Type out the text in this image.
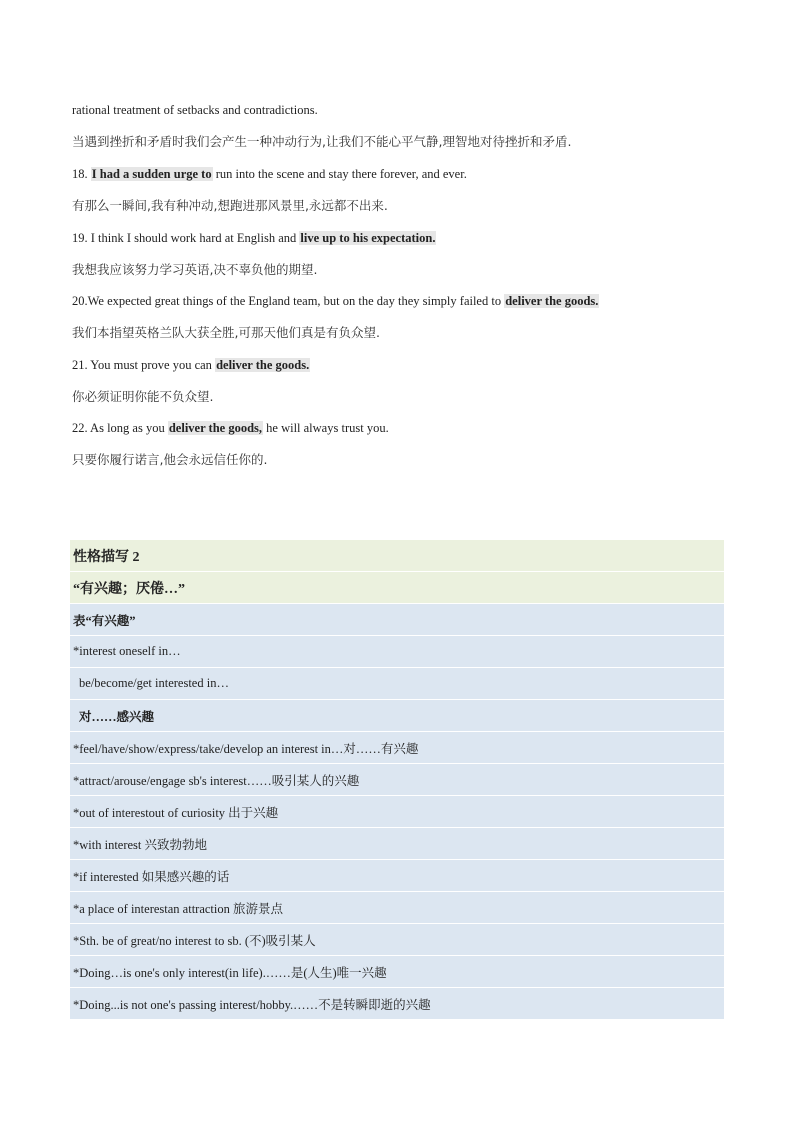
rational treatment of setbacks and contradictions.
当遇到挫折和矛盾时我们会产生一种冲动行为,让我们不能心平气静,理智地对待挫折和矛盾.
18. I had a sudden urge to run into the scene and stay there forever, and ever.
有那么一瞬间,我有种冲动,想跑进那风景里,永远都不出来.
19. I think I should work hard at English and live up to his expectation.
我想我应该努力学习英语,决不辜负他的期望.
20.We expected great things of the England team, but on the day they simply failed to deliver the goods.
我们本指望英格兰队大获全胜,可那天他们真是有负众望.
21. You must prove you can deliver the goods.
你必须证明你能不负众望.
22. As long as you deliver the goods, he will always trust you.
只要你履行诺言,他会永远信任你的.
性格描写 2
“有兴趣；厌倦…”
表“有兴趣”
*interest oneself in…
be/become/get interested in…
对……感兴趣
*feel/have/show/express/take/develop an interest in…对……有兴趣
*attract/arouse/engage sb's interest……吸引某人的兴趣
*out of interestout of curiosity 出于兴趣
*with interest 兴致勃勃地
*if interested 如果感兴趣的话
*a place of interestan attraction 旅游景点
*Sth. be of great/no interest to sb. (不)吸引某人
*Doing…is one's only interest(in life).……是(人生)唯一兴趣
*Doing...is not one's passing interest/hobby.……不是转瞬即逝的兴趣
